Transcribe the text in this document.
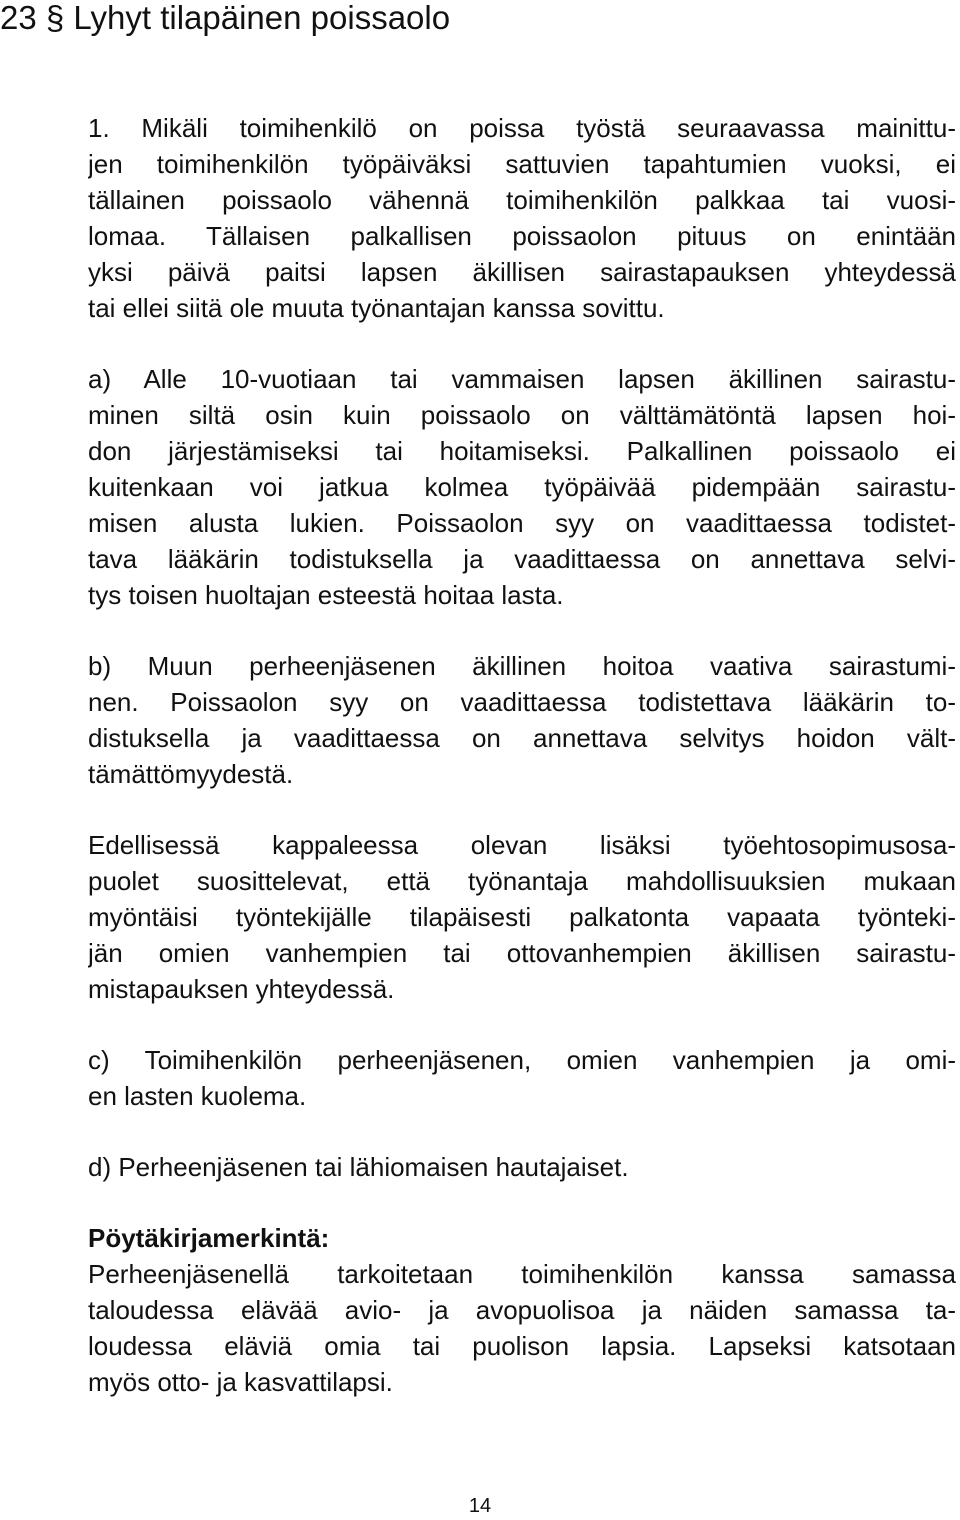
23 § Lyhyt tilapäinen poissaolo
1. Mikäli toimihenkilö on poissa työstä seuraavassa mainittu-
jen toimihenkilön työpäiväksi sattuvien tapahtumien vuoksi, ei
tällainen poissaolo vähennä toimihenkilön palkkaa tai vuosi-
lomaa. Tällaisen palkallisen poissaolon pituus on enintään
yksi päivä paitsi lapsen äkillisen sairastapauksen yhteydessä
tai ellei siitä ole muuta työnantajan kanssa sovittu.
a) Alle 10-vuotiaan tai vammaisen lapsen äkillinen sairastu-
minen siltä osin kuin poissaolo on välttämätöntä lapsen hoi-
don järjestämiseksi tai hoitamiseksi. Palkallinen poissaolo ei
kuitenkaan voi jatkua kolmea työpäivää pidempään sairastu-
misen alusta lukien. Poissaolon syy on vaadittaessa todistet-
tava lääkärin todistuksella ja vaadittaessa on annettava selvi-
tys toisen huoltajan esteestä hoitaa lasta.
b) Muun perheenjäsenen äkillinen hoitoa vaativa sairastumi-
nen. Poissaolon syy on vaadittaessa todistettava lääkärin to-
distuksella ja vaadittaessa on annettava selvitys hoidon vält-
tämättömyydestä.
Edellisessä kappaleessa olevan lisäksi työehtosopimusosa-
puolet suosittelevat, että työnantaja mahdollisuuksien mukaan
myöntäisi työntekijälle tilapäisesti palkatonta vapaata työnteki-
jän omien vanhempien tai ottovanhempien äkillisen sairastu-
mistapauksen yhteydessä.
c) Toimihenkilön perheenjäsenen, omien vanhempien ja omi-
en lasten kuolema.
d) Perheenjäsenen tai lähiomaisen hautajaiset.
Pöytäkirjamerkintä:
Perheenjäsenellä tarkoitetaan toimihenkilön kanssa samassa
taloudessa elävää avio- ja avopuolisoa ja näiden samassa ta-
loudessa eläviä omia tai puolison lapsia. Lapseksi katsotaan
myös otto- ja kasvattilapsi.
14
